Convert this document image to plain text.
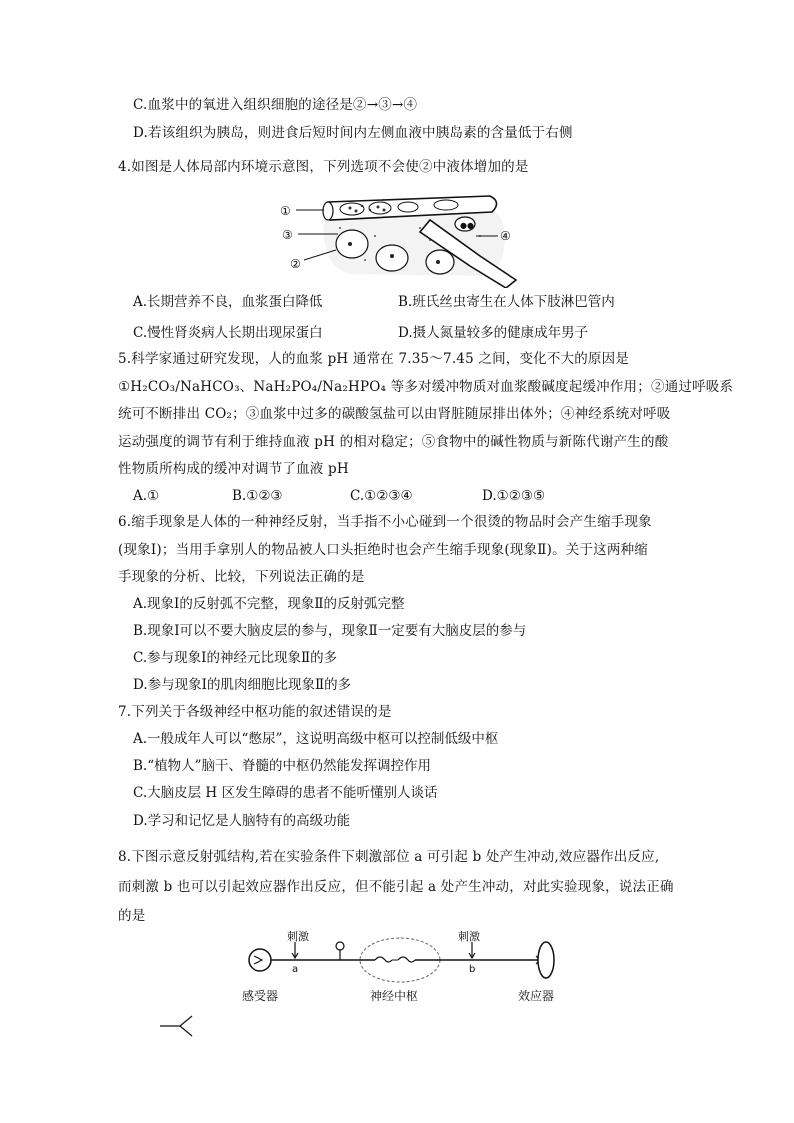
C.血浆中的氧进入组织细胞的途径是②→③→④
D.若该组织为胰岛，则进食后短时间内左侧血液中胰岛素的含量低于右侧
4.如图是人体局部内环境示意图，下列选项不会使②中液体增加的是
●●
①
③
②
④
A.长期营养不良，血浆蛋白降低	B.班氏丝虫寄生在人体下肢淋巴管内
C.慢性肾炎病人长期出现尿蛋白	D.摄人氮量较多的健康成年男子
5.科学家通过研究发现，人的血浆 pH 通常在 7.35～7.45 之间，变化不大的原因是
①H₂CO₃/NaHCO₃、NaH₂PO₄/Na₂HPO₄ 等多对缓冲物质对血浆酸碱度起缓冲作用；②通过呼吸系
统可不断排出 CO₂；③血浆中过多的碳酸氢盐可以由肾脏随尿排出体外；④神经系统对呼吸
运动强度的调节有利于维持血液 pH 的相对稳定；⑤食物中的碱性物质与新陈代谢产生的酸
性物质所构成的缓冲对调节了血液 pH
A.①	B.①②③	C.①②③④	D.①②③⑤
6.缩手现象是人体的一种神经反射，当手指不小心碰到一个很烫的物品时会产生缩手现象
(现象Ⅰ)；当用手拿别人的物品被人口头拒绝时也会产生缩手现象(现象Ⅱ)。关于这两种缩
手现象的分析、比较，下列说法正确的是
A.现象Ⅰ的反射弧不完整，现象Ⅱ的反射弧完整
B.现象Ⅰ可以不要大脑皮层的参与，现象Ⅱ一定要有大脑皮层的参与
C.参与现象Ⅰ的神经元比现象Ⅱ的多
D.参与现象Ⅰ的肌肉细胞比现象Ⅱ的多
7.下列关于各级神经中枢功能的叙述错误的是
A.一般成年人可以“憋尿”，这说明高级中枢可以控制低级中枢
B.“植物人”脑干、脊髓的中枢仍然能发挥调控作用
C.大脑皮层 H 区发生障碍的患者不能听懂别人谈话
D.学习和记忆是人脑特有的高级功能
8.下图示意反射弧结构,若在实验条件下刺激部位 a 可引起 b 处产生冲动,效应器作出反应,
而刺激 b 也可以引起效应器作出反应，但不能引起 a 处产生冲动，对此实验现象，说法正确
的是
刺激
a
刺激
b
感受器	神经中枢	效应器
